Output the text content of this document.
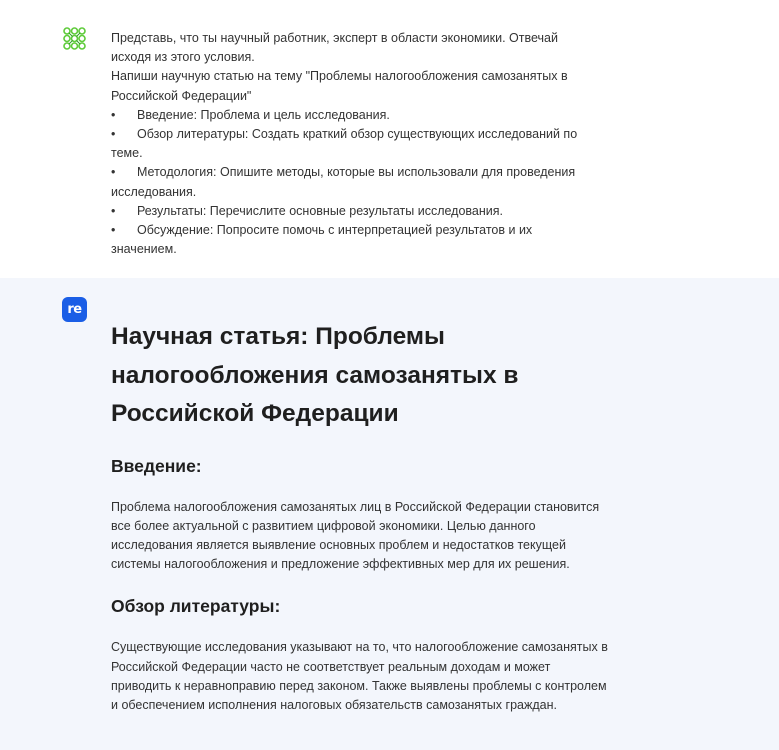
Представь, что ты научный работник, эксперт в области экономики. Отвечай

исходя из этого условия.

Напиши научную статью на тему "Проблемы налогообложения самозанятых в

Российской Федерации"

• Введение: Проблема и цель исследования.

• Обзор литературы: Создать краткий обзор существующих исследований по

теме.

• Методология: Опишите методы, которые вы использовали для проведения

исследования.

• Результаты: Перечислите основные результаты исследования.

• Обсуждение: Попросите помочь с интерпретацией результатов и их

значением.

re
Научная статья: Проблемы налогообложения самозанятых в Российской Федерации
Введение:

Проблема налогообложения самозанятых лиц в Российской Федерации становится все более актуальной с развитием цифровой экономики. Целью данного исследования является выявление основных проблем и недостатков текущей системы налогообложения и предложение эффективных мер для их решения.

Обзор литературы:

Существующие исследования указывают на то, что налогообложение самозанятых в Российской Федерации часто не соответствует реальным доходам и может приводить к неравноправию перед законом. Также выявлены проблемы с контролем и обеспечением исполнения налоговых обязательств самозанятых граждан.
